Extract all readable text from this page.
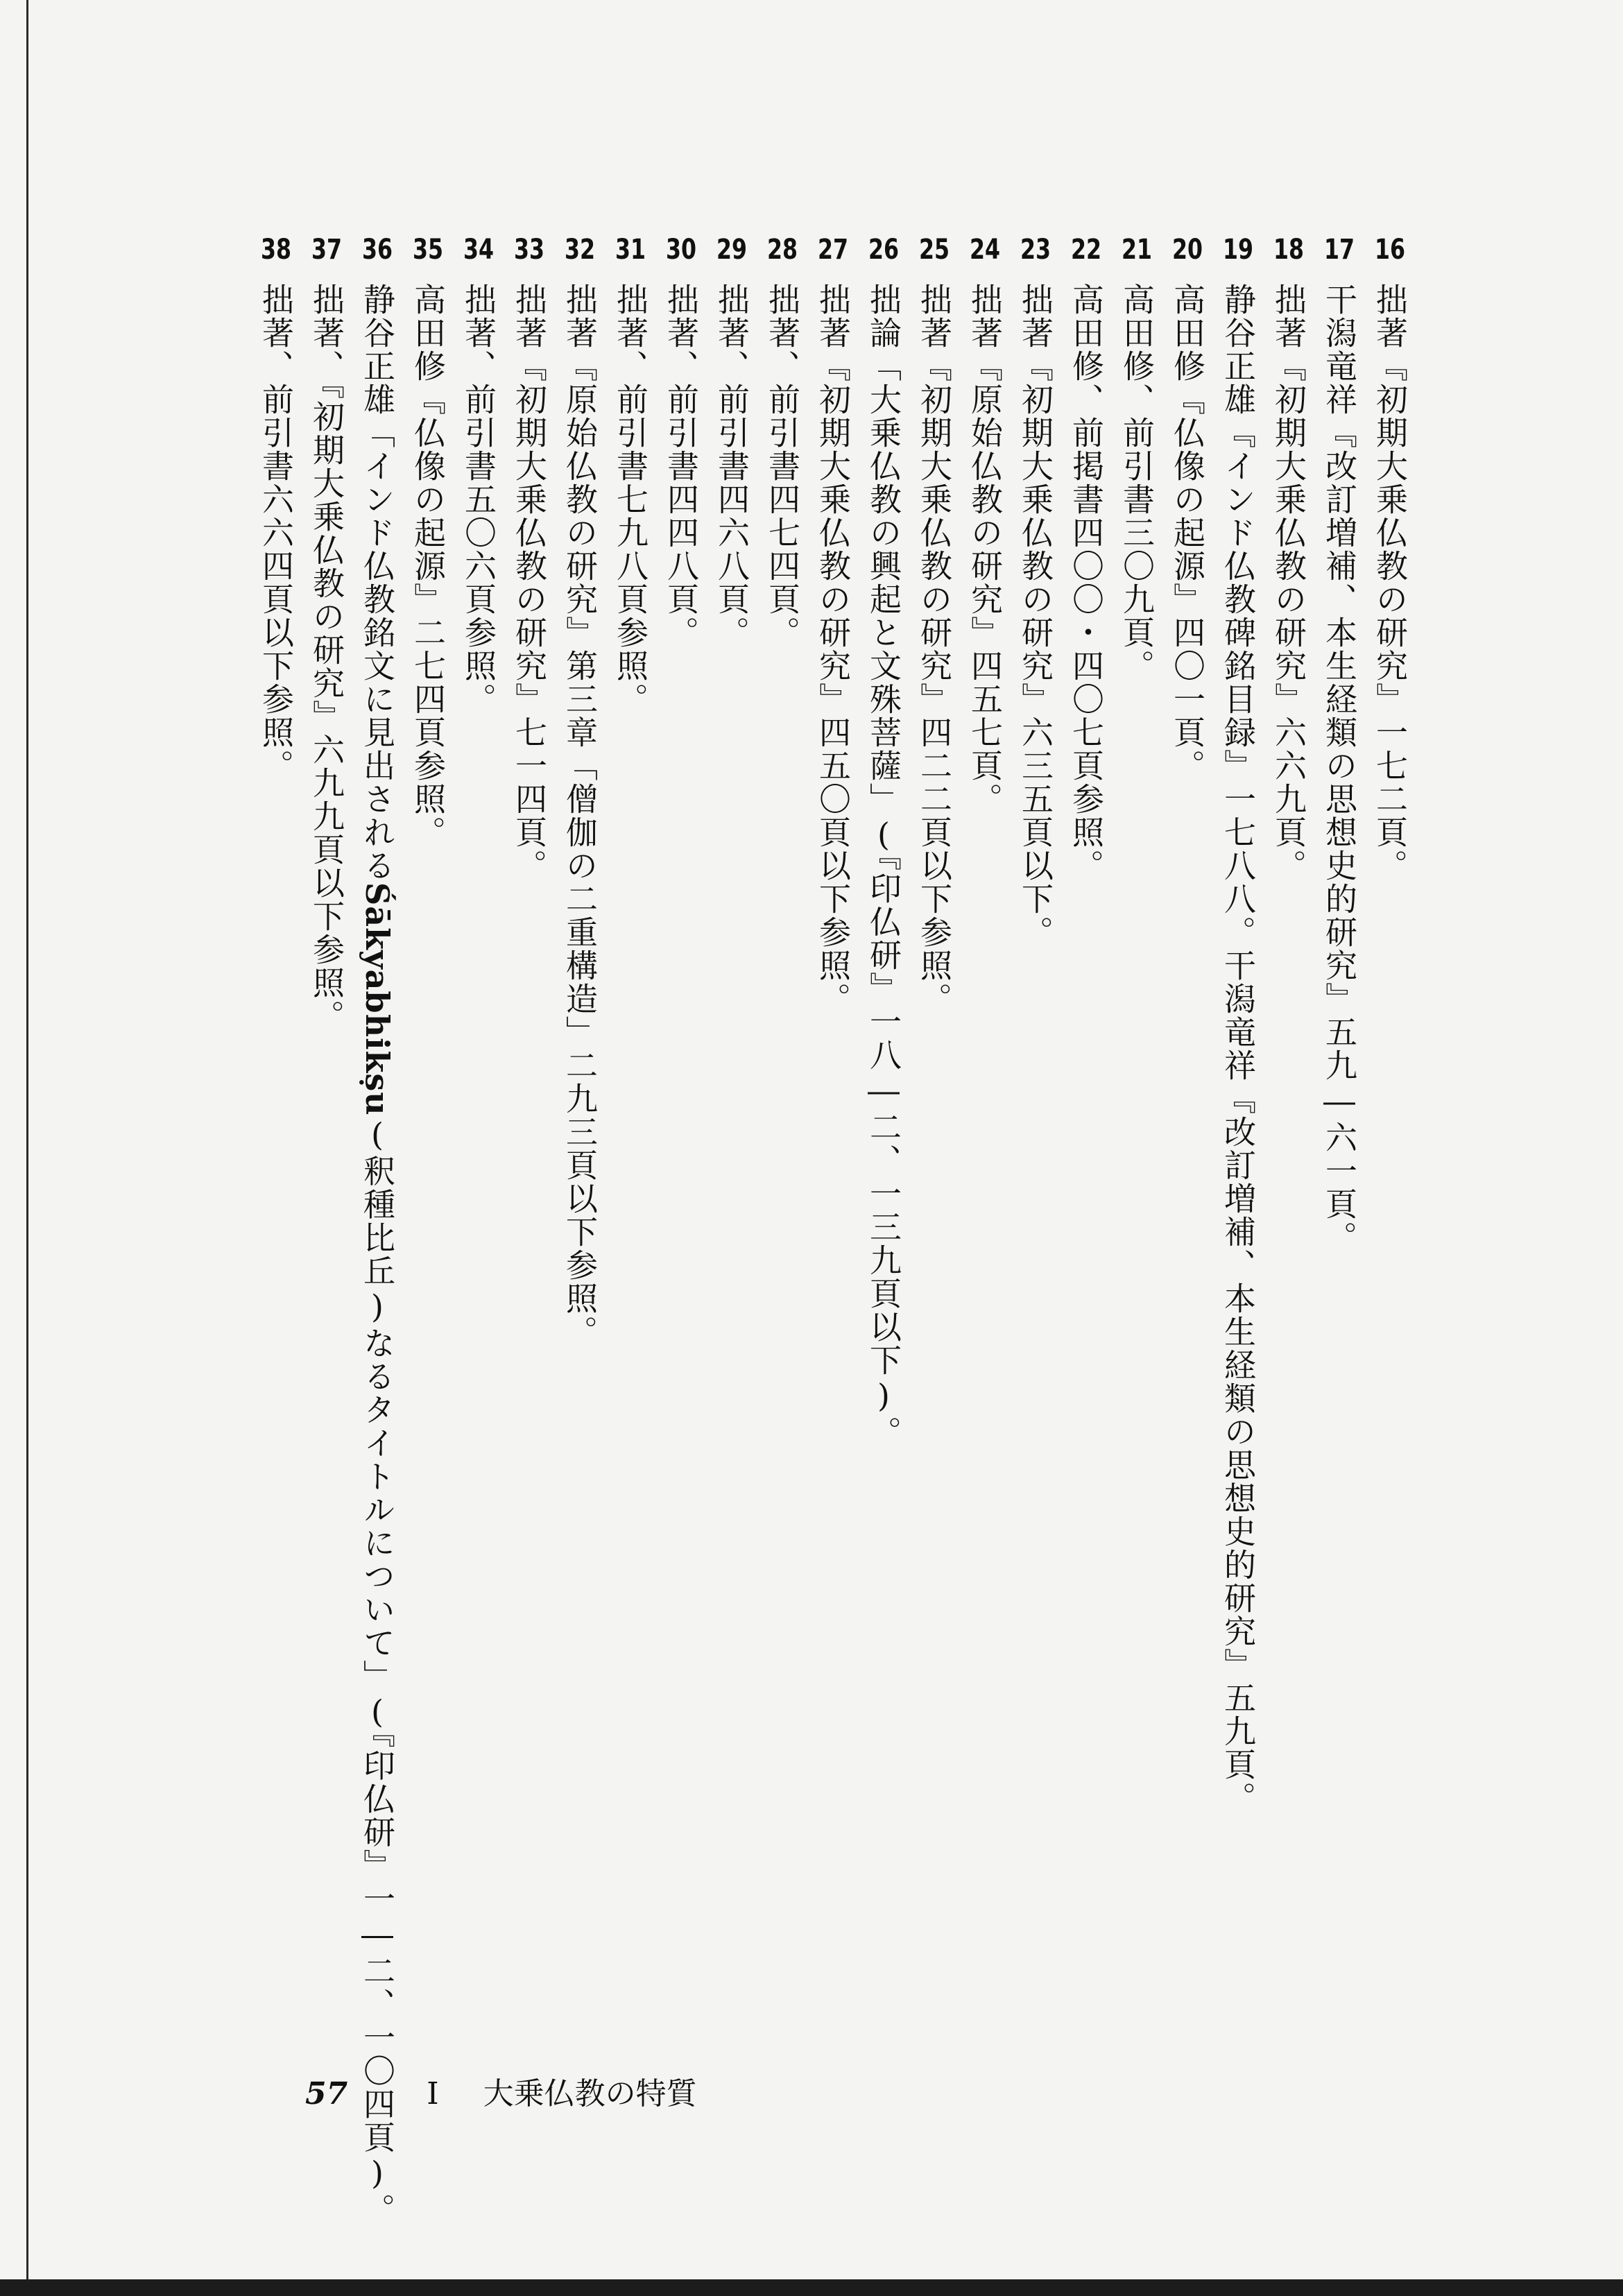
16拙著『初期大乗仏教の研究』一七二頁。
17干潟竜祥『改訂増補、本生経類の思想史的研究』五九―六一頁。
18拙著『初期大乗仏教の研究』六六九頁。
19静谷正雄『インド仏教碑銘目録』一七八八。干潟竜祥『改訂増補、本生経類の思想史的研究』五九頁。
20高田修『仏像の起源』四〇一頁。
21高田修、前引書三〇九頁。
22高田修、前掲書四〇〇・四〇七頁参照。
23拙著『初期大乗仏教の研究』六三五頁以下。
24拙著『原始仏教の研究』四五七頁。
25拙著『初期大乗仏教の研究』四二二頁以下参照。
26拙論「大乗仏教の興起と文殊菩薩」(『印仏研』一八―二、一三九頁以下)。
27拙著『初期大乗仏教の研究』四五〇頁以下参照。
28拙著、前引書四七四頁。
29拙著、前引書四六八頁。
30拙著、前引書四四八頁。
31拙著、前引書七九八頁参照。
32拙著『原始仏教の研究』第三章「僧伽の二重構造」二九三頁以下参照。
33拙著『初期大乗仏教の研究』七一四頁。
34拙著、前引書五〇六頁参照。
35高田修『仏像の起源』二七四頁参照。
36静谷正雄「インド仏教銘文に見出されるŚākyabhikṣu(釈種比丘)なるタイトルについて」(『印仏研』一―二、一〇四頁)。
37拙著、『初期大乗仏教の研究』六九九頁以下参照。
38拙著、前引書六六四頁以下参照。
57	I 大乗仏教の特質
